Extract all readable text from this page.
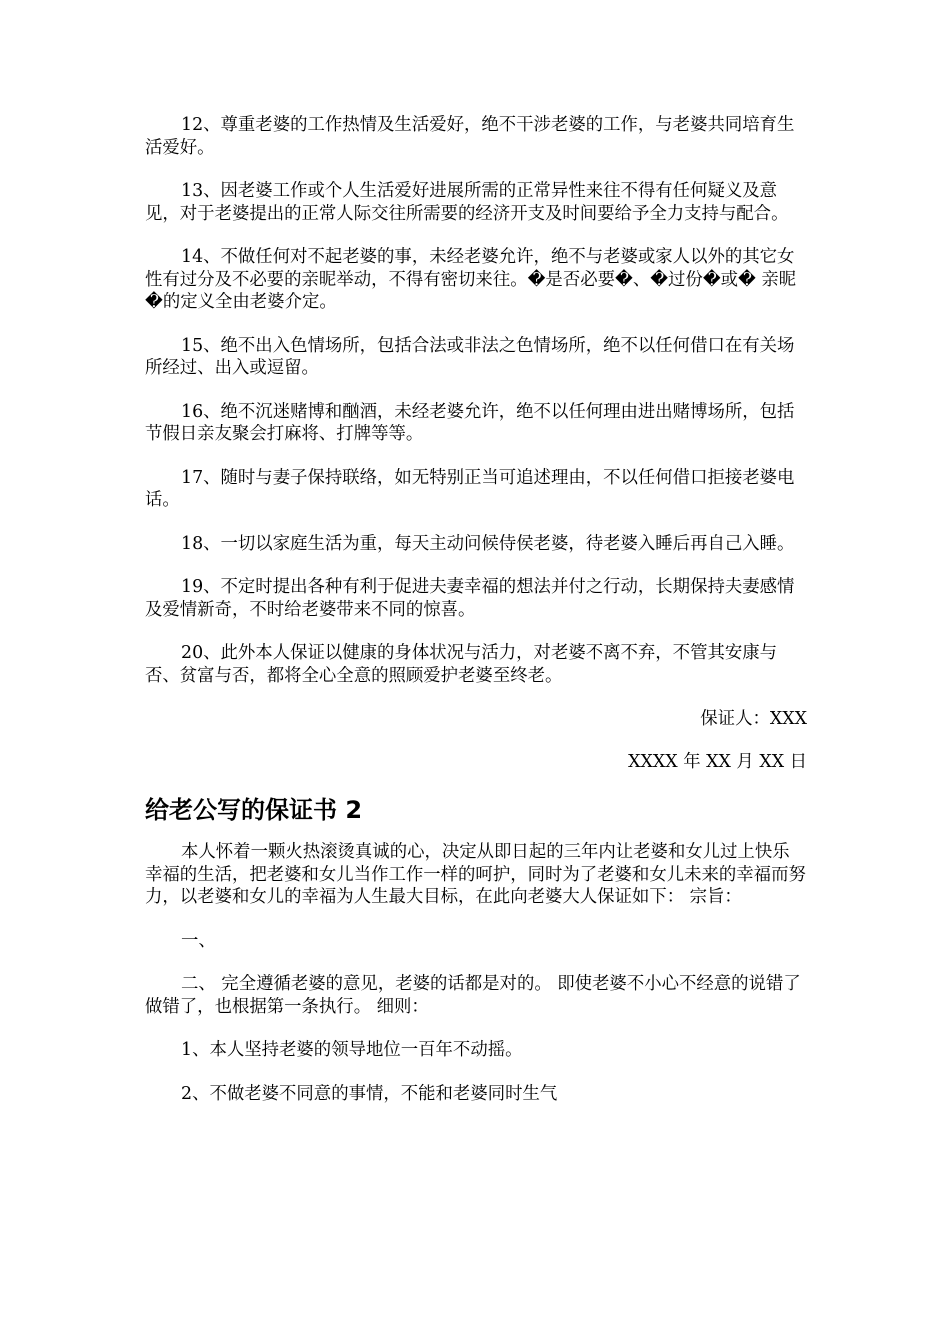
12、尊重老婆的工作热情及生活爱好，绝不干涉老婆的工作，与老婆共同培育生活爱好。

13、因老婆工作或个人生活爱好进展所需的正常异性来往不得有任何疑义及意见，对于老婆提出的正常人际交往所需要的经济开支及时间要给予全力支持与配合。

14、不做任何对不起老婆的事，未经老婆允许，绝不与老婆或家人以外的其它女性有过分及不必要的亲昵举动，不得有密切来往。�是否必要�、�过份�或� 亲昵�的定义全由老婆介定。

15、绝不出入色情场所，包括合法或非法之色情场所，绝不以任何借口在有关场所经过、出入或逗留。

16、绝不沉迷赌博和酗酒，未经老婆允许，绝不以任何理由进出赌博场所，包括节假日亲友聚会打麻将、打牌等等。

17、随时与妻子保持联络，如无特别正当可追述理由，不以任何借口拒接老婆电话。

18、一切以家庭生活为重，每天主动问候侍侯老婆，待老婆入睡后再自己入睡。

19、不定时提出各种有利于促进夫妻幸福的想法并付之行动，长期保持夫妻感情及爱情新奇，不时给老婆带来不同的惊喜。

20、此外本人保证以健康的身体状况与活力，对老婆不离不弃，不管其安康与否、贫富与否，都将全心全意的照顾爱护老婆至终老。

保证人：XXX
XXXX 年 XX 月 XX 日
给老公写的保证书 2

本人怀着一颗火热滚烫真诚的心，决定从即日起的三年内让老婆和女儿过上快乐幸福的生活，把老婆和女儿当作工作一样的呵护，同时为了老婆和女儿未来的幸福而努力，以老婆和女儿的幸福为人生最大目标，在此向老婆大人保证如下： 宗旨：

一、

二、 完全遵循老婆的意见，老婆的话都是对的。 即使老婆不小心不经意的说错了做错了，也根据第一条执行。 细则：

1、本人坚持老婆的领导地位一百年不动摇。

2、不做老婆不同意的事情，不能和老婆同时生气
